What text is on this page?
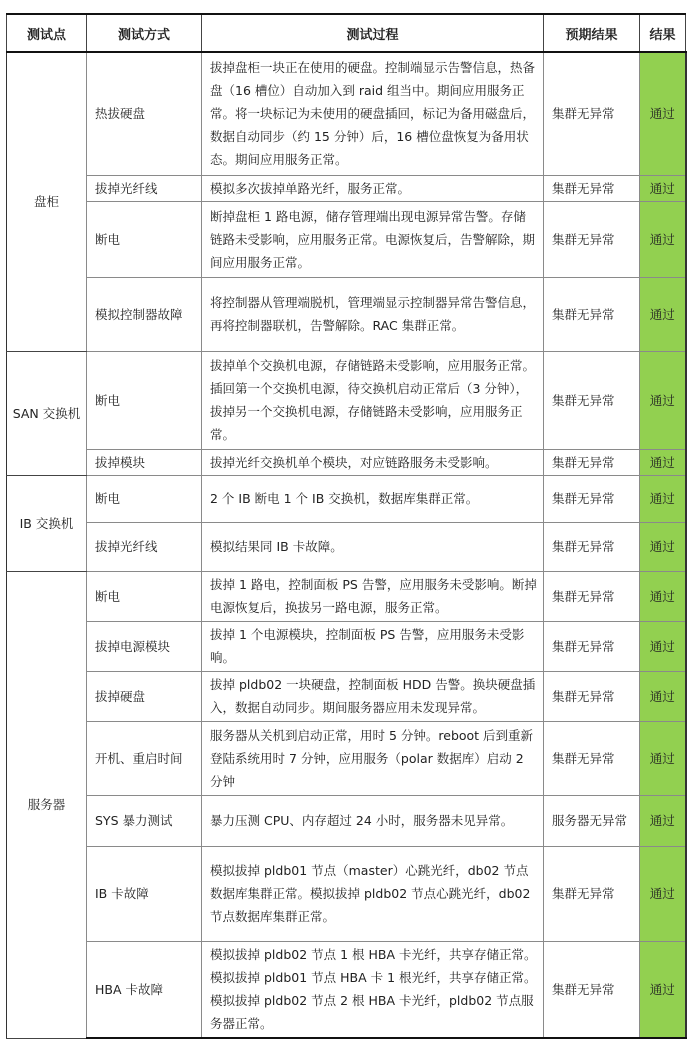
测试点	测试方式	测试过程	预期结果	结果
盘柜	热拔硬盘	拔掉盘柜一块正在使用的硬盘。控制端显示告警信息，热备盘（16 槽位）自动加入到 raid 组当中。期间应用服务正常。将一块标记为未使用的硬盘插回，标记为备用磁盘后，数据自动同步（约 15 分钟）后，16 槽位盘恢复为备用状态。期间应用服务正常。	集群无异常	通过
	拔掉光纤线	模拟多次拔掉单路光纤，服务正常。	集群无异常	通过
	断电	断掉盘柜 1 路电源，储存管理端出现电源异常告警。存储链路未受影响，应用服务正常。电源恢复后，告警解除，期间应用服务正常。	集群无异常	通过
	模拟控制器故障	将控制器从管理端脱机，管理端显示控制器异常告警信息，再将控制器联机，告警解除。RAC 集群正常。	集群无异常	通过
SAN 交换机	断电	拔掉单个交换机电源，存储链路未受影响，应用服务正常。插回第一个交换机电源，待交换机启动正常后（3 分钟），拔掉另一个交换机电源，存储链路未受影响，应用服务正常。	集群无异常	通过
	拔掉模块	拔掉光纤交换机单个模块，对应链路服务未受影响。	集群无异常	通过
IB 交换机	断电	2 个 IB 断电 1 个 IB 交换机，数据库集群正常。	集群无异常	通过
	拔掉光纤线	模拟结果同 IB 卡故障。	集群无异常	通过
服务器	断电	拔掉 1 路电，控制面板 PS 告警，应用服务未受影响。断掉电源恢复后，换拔另一路电源，服务正常。	集群无异常	通过
	拔掉电源模块	拔掉 1 个电源模块，控制面板 PS 告警，应用服务未受影响。	集群无异常	通过
	拔掉硬盘	拔掉 pldb02 一块硬盘，控制面板 HDD 告警。换块硬盘插入，数据自动同步。期间服务器应用未发现异常。	集群无异常	通过
	开机、重启时间	服务器从关机到启动正常，用时 5 分钟。reboot 后到重新登陆系统用时 7 分钟，应用服务（polar 数据库）启动 2 分钟	集群无异常	通过
	SYS 暴力测试	暴力压测 CPU、内存超过 24 小时，服务器未见异常。	服务器无异常	通过
	IB 卡故障	模拟拔掉 pldb01 节点（master）心跳光纤，db02 节点数据库集群正常。模拟拔掉 pldb02 节点心跳光纤，db02 节点数据库集群正常。	集群无异常	通过
	HBA 卡故障	模拟拔掉 pldb02 节点 1 根 HBA 卡光纤，共享存储正常。模拟拔掉 pldb01 节点 HBA 卡 1 根光纤，共享存储正常。模拟拔掉 pldb02 节点 2 根 HBA 卡光纤，pldb02 节点服务器正常。	集群无异常	通过
